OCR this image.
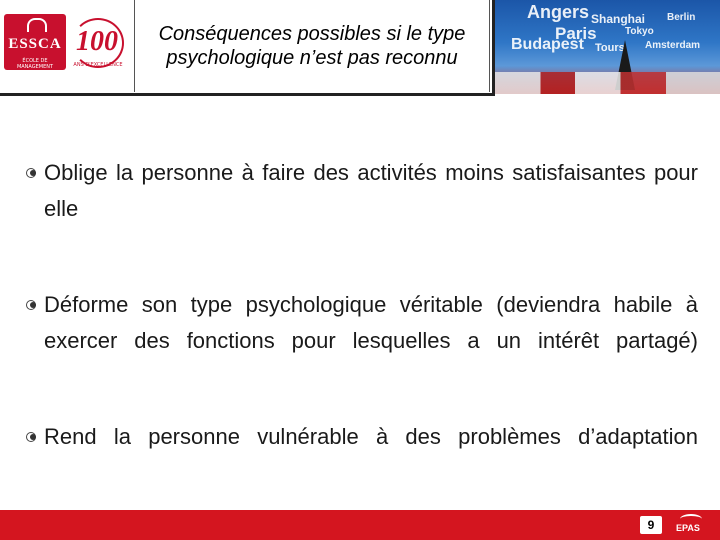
ESSCA
ÉCOLE DE MANAGEMENT
100
ANS D'EXCELLENCE
Conséquences possibles si le type psychologique n’est pas reconnu
Angers
Paris
Budapest
Shanghai
Tokyo
Amsterdam
Tours
Berlin
Oblige la personne à faire des activités moins satisfaisantes pour elle
Déforme son type psychologique véritable (deviendra habile à exercer des fonctions pour lesquelles a un intérêt partagé)
Rend la personne vulnérable à des problèmes d’adaptation
9	EPAS
